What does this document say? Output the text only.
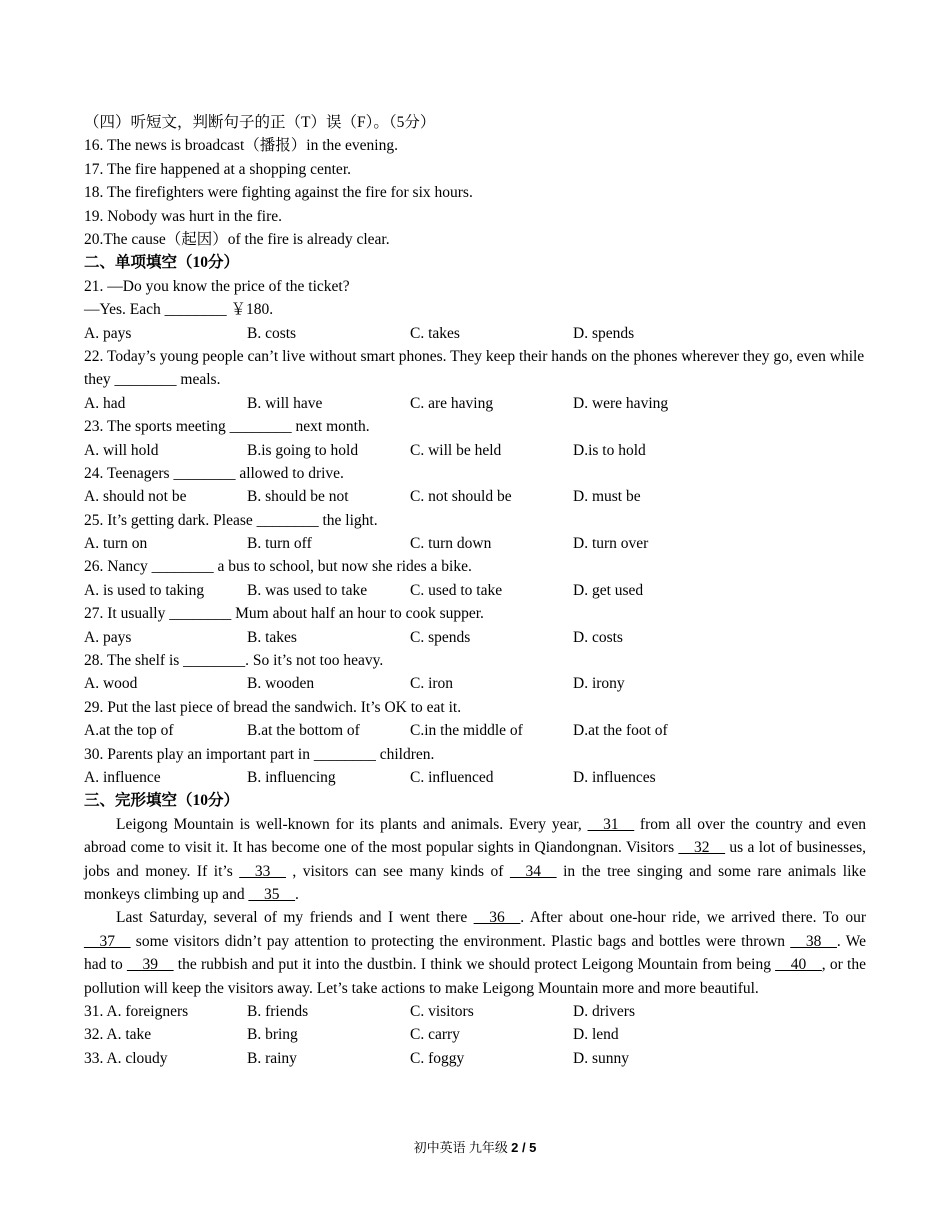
（四）听短文，判断句子的正（T）误（F）。（5分）
16. The news is broadcast（播报）in the evening.
17. The fire happened at a shopping center.
18. The firefighters were fighting against the fire for six hours.
19. Nobody was hurt in the fire.
20.The cause（起因）of the fire is already clear.
二、单项填空（10分）
21. —Do you know the price of the ticket?
—Yes. Each ________ ￥180.
A. pays	B. costs	C. takes	D. spends
22. Today’s young people can’t live without smart phones. They keep their hands on the phones wherever they go, even while they ________ meals.
A. had	B. will have	C. are having	D. were having
23. The sports meeting ________ next month.
A. will hold	B.is going to hold	C. will be held	D.is to hold
24. Teenagers ________ allowed to drive.
A. should not be	B. should be not	C. not should be	D. must be
25. It’s getting dark. Please ________ the light.
A. turn on	B. turn off	C. turn down	D. turn over
26. Nancy ________ a bus to school, but now she rides a bike.
A. is used to taking	B. was used to take	C. used to take	D. get used
27. It usually ________ Mum about half an hour to cook supper.
A. pays	B. takes	C. spends	D. costs
28. The shelf is ________. So it’s not too heavy.
A. wood	B. wooden	C. iron	D. irony
29. Put the last piece of bread the sandwich. It’s OK to eat it.
A.at the top of	B.at the bottom of	C.in the middle of	D.at the foot of
30. Parents play an important part in ________ children.
A. influence	B. influencing	C. influenced	D. influences
三、完形填空（10分）

Leigong Mountain is well-known for its plants and animals. Every year, __31__ from all over the country and even abroad come to visit it. It has become one of the most popular sights in Qiandongnan. Visitors __32__ us a lot of businesses, jobs and money. If it’s __33__ , visitors can see many kinds of __34__ in the tree singing and some rare animals like monkeys climbing up and __35__.

Last Saturday, several of my friends and I went there __36__. After about one-hour ride, we arrived there. To our __37__ some visitors didn’t pay attention to protecting the environment. Plastic bags and bottles were thrown __38__. We had to __39__ the rubbish and put it into the dustbin. I think we should protect Leigong Mountain from being __40__, or the pollution will keep the visitors away. Let’s take actions to make Leigong Mountain more and more beautiful.

31. A. foreigners	B. friends	C. visitors	D. drivers
32. A. take	B. bring	C. carry	D. lend
33. A. cloudy	B. rainy	C. foggy	D. sunny
初中英语 九年级 2 / 5
